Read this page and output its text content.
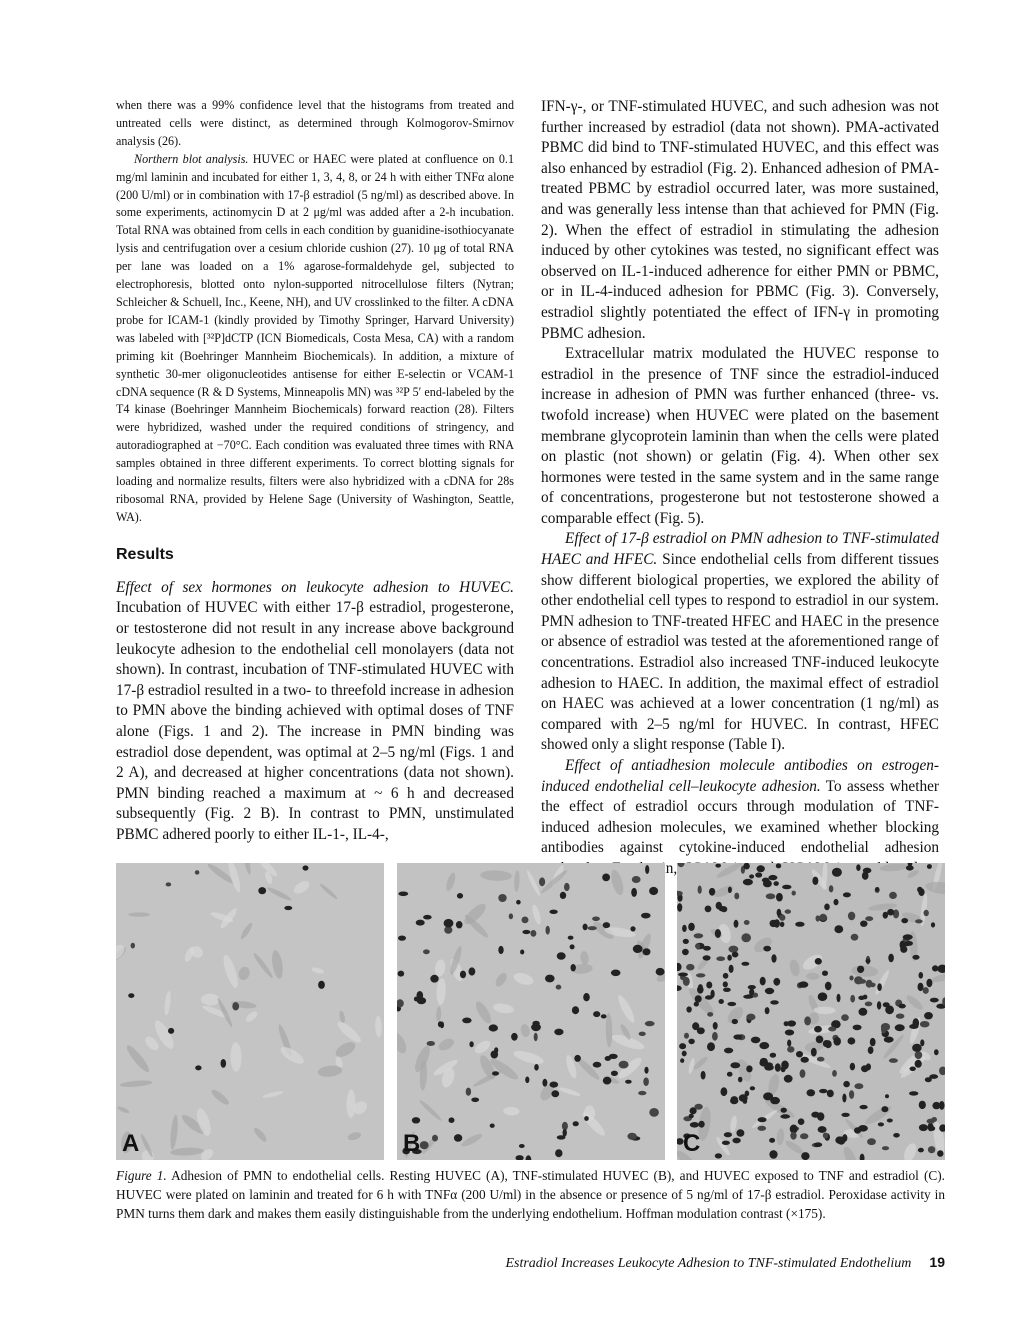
when there was a 99% confidence level that the histograms from treated and untreated cells were distinct, as determined through Kolmogorov-Smirnov analysis (26).

Northern blot analysis. HUVEC or HAEC were plated at confluence on 0.1 mg/ml laminin and incubated for either 1, 3, 4, 8, or 24 h with either TNFα alone (200 U/ml) or in combination with 17-β estradiol (5 ng/ml) as described above. In some experiments, actinomycin D at 2 μg/ml was added after a 2-h incubation. Total RNA was obtained from cells in each condition by guanidine-isothiocyanate lysis and centrifugation over a cesium chloride cushion (27). 10 μg of total RNA per lane was loaded on a 1% agarose-formaldehyde gel, subjected to electrophoresis, blotted onto nylon-supported nitrocellulose filters (Nytran; Schleicher & Schuell, Inc., Keene, NH), and UV crosslinked to the filter. A cDNA probe for ICAM-1 (kindly provided by Timothy Springer, Harvard University) was labeled with [³²P]dCTP (ICN Biomedicals, Costa Mesa, CA) with a random priming kit (Boehringer Mannheim Biochemicals). In addition, a mixture of synthetic 30-mer oligonucleotides antisense for either E-selectin or VCAM-1 cDNA sequence (R & D Systems, Minneapolis MN) was ³²P 5′ end-labeled by the T4 kinase (Boehringer Mannheim Biochemicals) forward reaction (28). Filters were hybridized, washed under the required conditions of stringency, and autoradiographed at −70°C. Each condition was evaluated three times with RNA samples obtained in three different experiments. To correct blotting signals for loading and normalize results, filters were also hybridized with a cDNA for 28s ribosomal RNA, provided by Helene Sage (University of Washington, Seattle, WA).

Results

Effect of sex hormones on leukocyte adhesion to HUVEC. Incubation of HUVEC with either 17-β estradiol, progesterone, or testosterone did not result in any increase above background leukocyte adhesion to the endothelial cell monolayers (data not shown). In contrast, incubation of TNF-stimulated HUVEC with 17-β estradiol resulted in a two- to threefold increase in adhesion to PMN above the binding achieved with optimal doses of TNF alone (Figs. 1 and 2). The increase in PMN binding was estradiol dose dependent, was optimal at 2–5 ng/ml (Figs. 1 and 2 A), and decreased at higher concentrations (data not shown). PMN binding reached a maximum at ~ 6 h and decreased subsequently (Fig. 2 B). In contrast to PMN, unstimulated PBMC adhered poorly to either IL-1-, IL-4-,

IFN-γ-, or TNF-stimulated HUVEC, and such adhesion was not further increased by estradiol (data not shown). PMA-activated PBMC did bind to TNF-stimulated HUVEC, and this effect was also enhanced by estradiol (Fig. 2). Enhanced adhesion of PMA-treated PBMC by estradiol occurred later, was more sustained, and was generally less intense than that achieved for PMN (Fig. 2). When the effect of estradiol in stimulating the adhesion induced by other cytokines was tested, no significant effect was observed on IL-1-induced adherence for either PMN or PBMC, or in IL-4-induced adhesion for PBMC (Fig. 3). Conversely, estradiol slightly potentiated the effect of IFN-γ in promoting PBMC adhesion.

Extracellular matrix modulated the HUVEC response to estradiol in the presence of TNF since the estradiol-induced increase in adhesion of PMN was further enhanced (three- vs. twofold increase) when HUVEC were plated on the basement membrane glycoprotein laminin than when the cells were plated on plastic (not shown) or gelatin (Fig. 4). When other sex hormones were tested in the same system and in the same range of concentrations, progesterone but not testosterone showed a comparable effect (Fig. 5).

Effect of 17-β estradiol on PMN adhesion to TNF-stimulated HAEC and HFEC. Since endothelial cells from different tissues show different biological properties, we explored the ability of other endothelial cell types to respond to estradiol in our system. PMN adhesion to TNF-treated HFEC and HAEC in the presence or absence of estradiol was tested at the aforementioned range of concentrations. Estradiol also increased TNF-induced leukocyte adhesion to HAEC. In addition, the maximal effect of estradiol on HAEC was achieved at a lower concentration (1 ng/ml) as compared with 2–5 ng/ml for HUVEC. In contrast, HFEC showed only a slight response (Table I).

Effect of antiadhesion molecule antibodies on estrogen-induced endothelial cell–leukocyte adhesion. To assess whether the effect of estradiol occurs through modulation of TNF-induced adhesion molecules, we examined whether blocking antibodies against cytokine-induced endothelial adhesion

A	B	C
Figure 1. Adhesion of PMN to endothelial cells. Resting HUVEC (A), TNF-stimulated HUVEC (B), and HUVEC exposed to TNF and estradiol (C). HUVEC were plated on laminin and treated for 6 h with TNFα (200 U/ml) in the absence or presence of 5 ng/ml of 17-β estradiol. Peroxidase activity in PMN turns them dark and makes them easily distinguishable from the underlying endothelium. Hoffman modulation contrast (×175).
Estradiol Increases Leukocyte Adhesion to TNF-stimulated Endothelium 19
